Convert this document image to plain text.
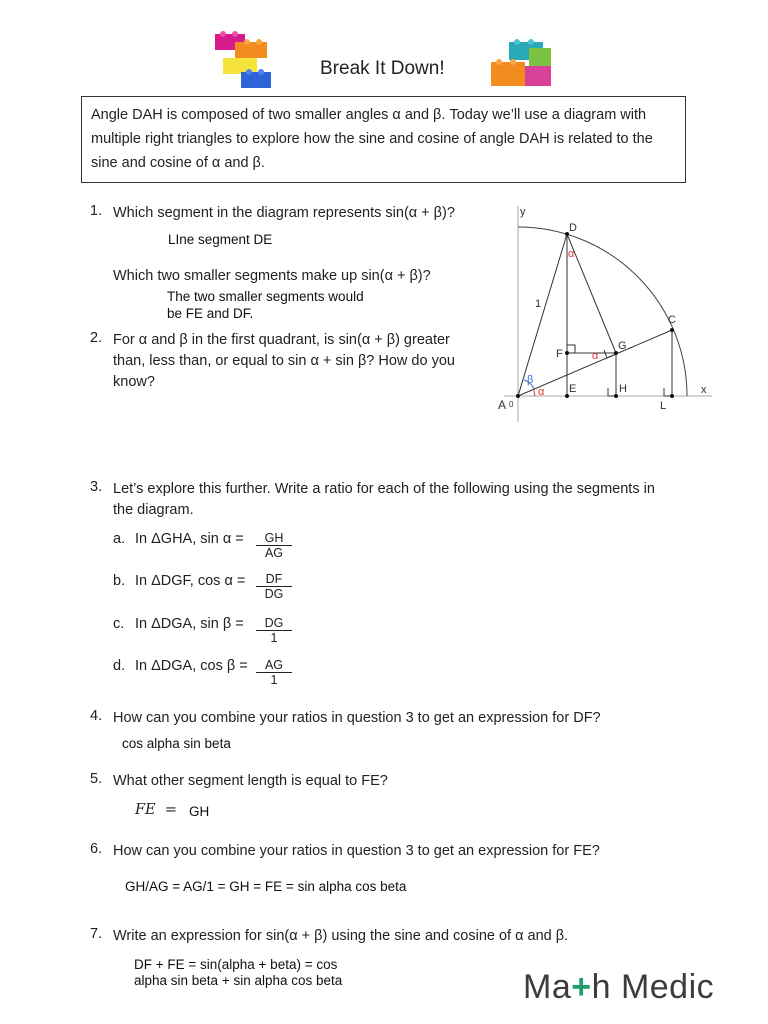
Break It Down!
Angle DAH is composed of two smaller angles α and β. Today we’ll use a diagram with multiple right triangles to explore how the sine and cosine of angle DAH is related to the sine and cosine of α and β.
1. Which segment in the diagram represents sin(α + β)?
LIne segment DE
Which two smaller segments make up sin(α + β)?
The two smaller segments would
be FE and DF.
2. For α and β in the first quadrant, is sin(α + β) greater
than, less than, or equal to sin α + sin β? How do you
know?
y
x
D
C
G
F
E	H
L
A 0
1
α
α
α
β
3. Let’s explore this further. Write a ratio for each of the following using the segments in
the diagram.
a. In ΔGHA, $\sin \alpha = \frac{GH}{AG}$
b. In ΔDGF, $\cos \alpha = \frac{DF}{DG}$
c. In ΔDGA, $\sin \beta = \frac{DG}{1}$
d. In ΔDGA, $\cos \beta = \frac{AG}{1}$
4. How can you combine your ratios in question 3 to get an expression for DF?
cos alpha sin beta
5. What other segment length is equal to FE?
FE  = GH
6. How can you combine your ratios in question 3 to get an expression for FE?
GH/AG = AG/1 = GH = FE = sin alpha cos beta
7. Write an expression for sin(α + β) using the sine and cosine of α and β.
DF + FE = sin(alpha + beta) = cos
alpha sin beta + sin alpha cos beta	Ma+h Medic
